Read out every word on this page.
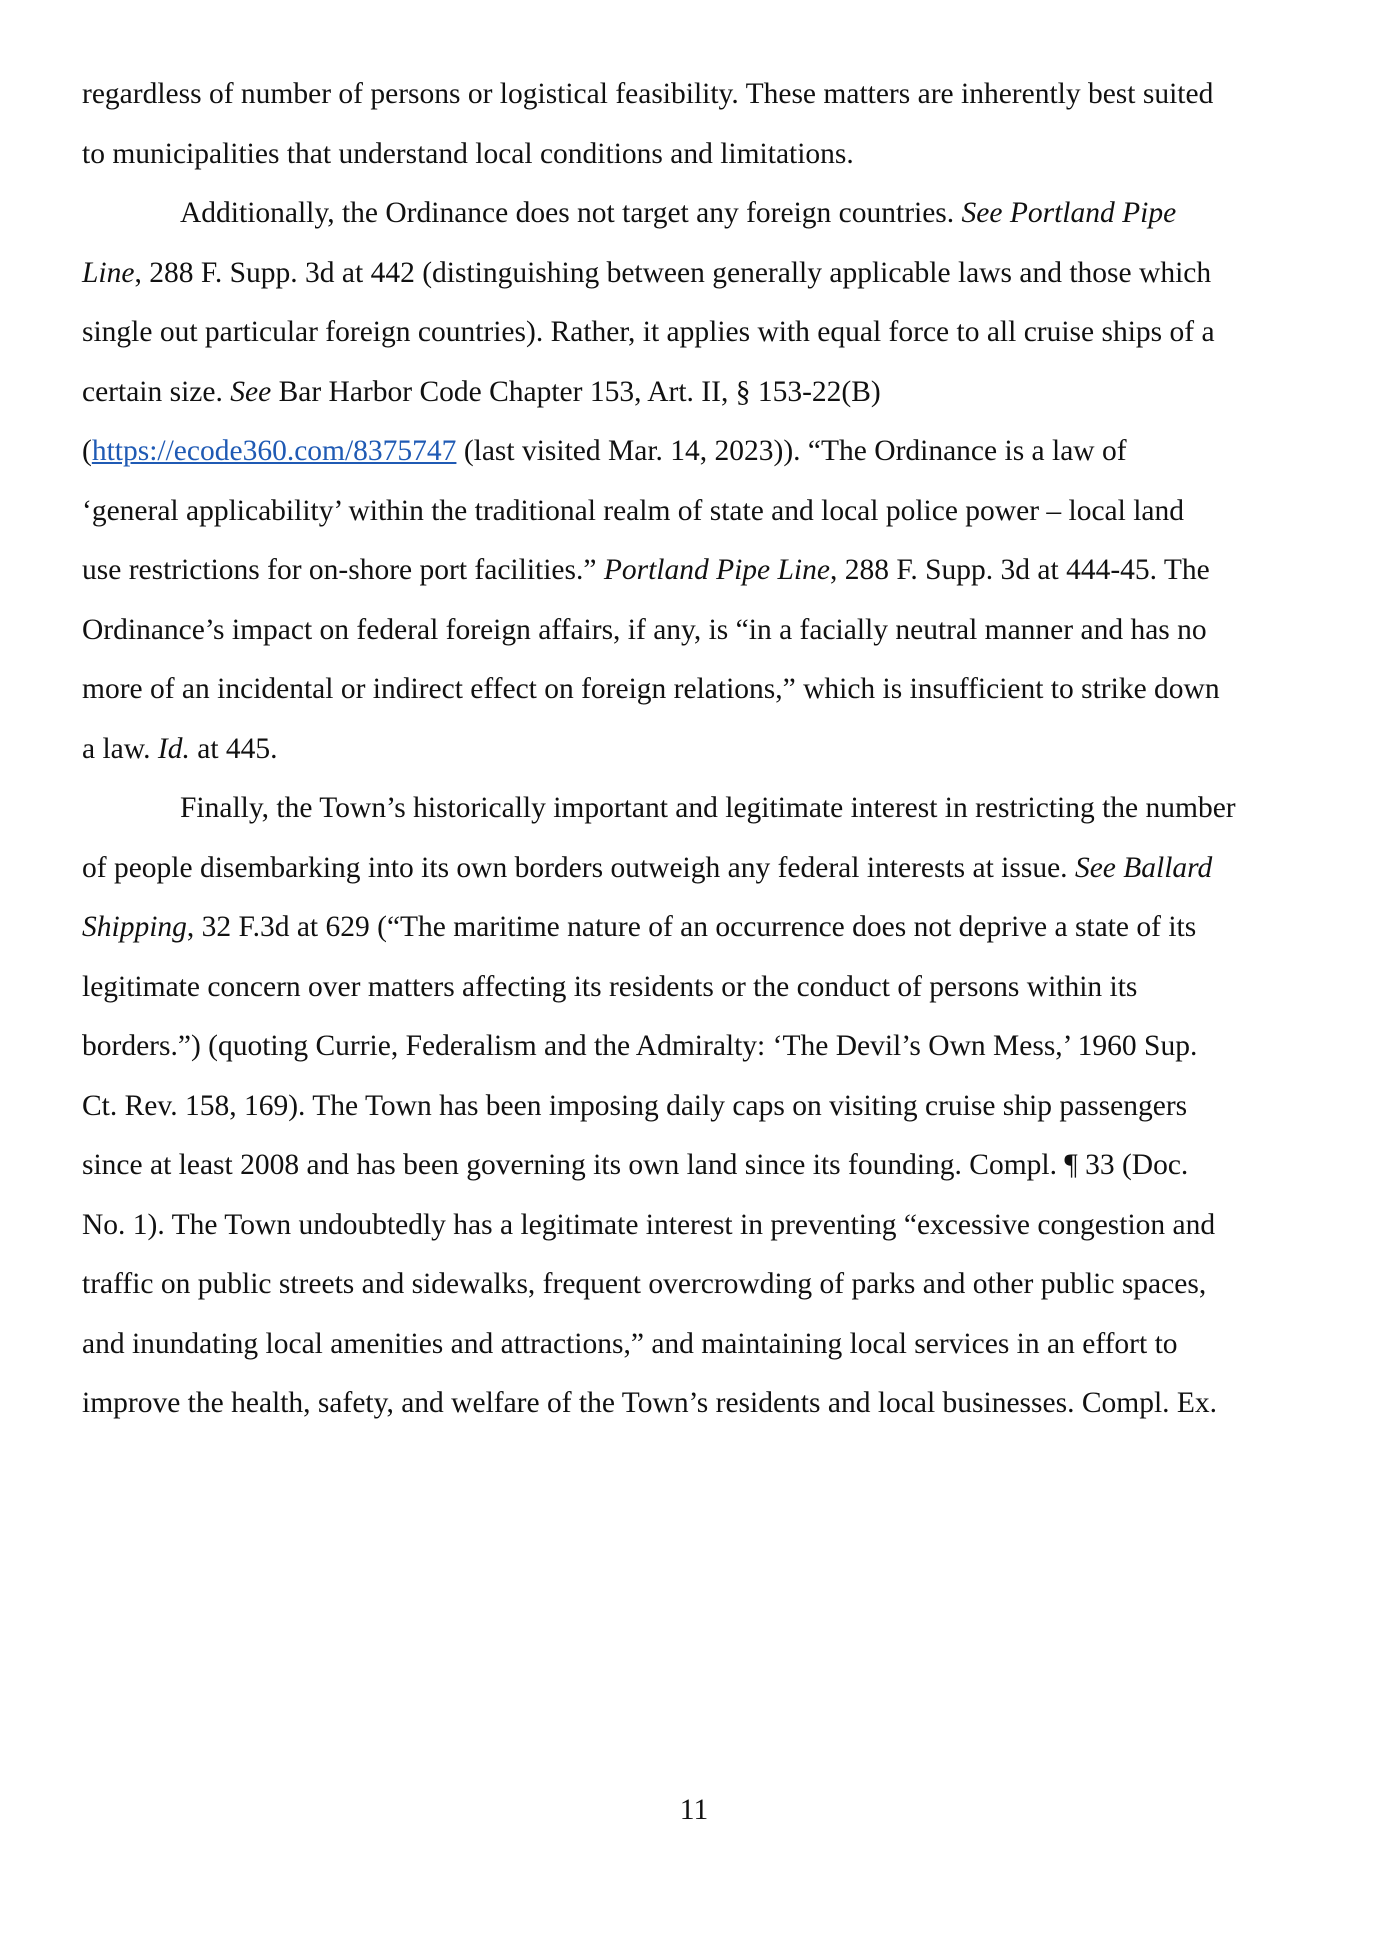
regardless of number of persons or logistical feasibility. These matters are inherently best suited
to municipalities that understand local conditions and limitations.
Additionally, the Ordinance does not target any foreign countries. See Portland Pipe
Line, 288 F. Supp. 3d at 442 (distinguishing between generally applicable laws and those which
single out particular foreign countries). Rather, it applies with equal force to all cruise ships of a
certain size. See Bar Harbor Code Chapter 153, Art. II, § 153-22(B)
(https://ecode360.com/8375747 (last visited Mar. 14, 2023)). “The Ordinance is a law of
‘general applicability’ within the traditional realm of state and local police power – local land
use restrictions for on-shore port facilities.” Portland Pipe Line, 288 F. Supp. 3d at 444-45. The
Ordinance’s impact on federal foreign affairs, if any, is “in a facially neutral manner and has no
more of an incidental or indirect effect on foreign relations,” which is insufficient to strike down
a law. Id. at 445.
Finally, the Town’s historically important and legitimate interest in restricting the number
of people disembarking into its own borders outweigh any federal interests at issue. See Ballard
Shipping, 32 F.3d at 629 (“The maritime nature of an occurrence does not deprive a state of its
legitimate concern over matters affecting its residents or the conduct of persons within its
borders.”) (quoting Currie, Federalism and the Admiralty: ‘The Devil’s Own Mess,’ 1960 Sup.
Ct. Rev. 158, 169). The Town has been imposing daily caps on visiting cruise ship passengers
since at least 2008 and has been governing its own land since its founding. Compl. ¶ 33 (Doc.
No. 1). The Town undoubtedly has a legitimate interest in preventing “excessive congestion and
traffic on public streets and sidewalks, frequent overcrowding of parks and other public spaces,
and inundating local amenities and attractions,” and maintaining local services in an effort to
improve the health, safety, and welfare of the Town’s residents and local businesses. Compl. Ex.
11
